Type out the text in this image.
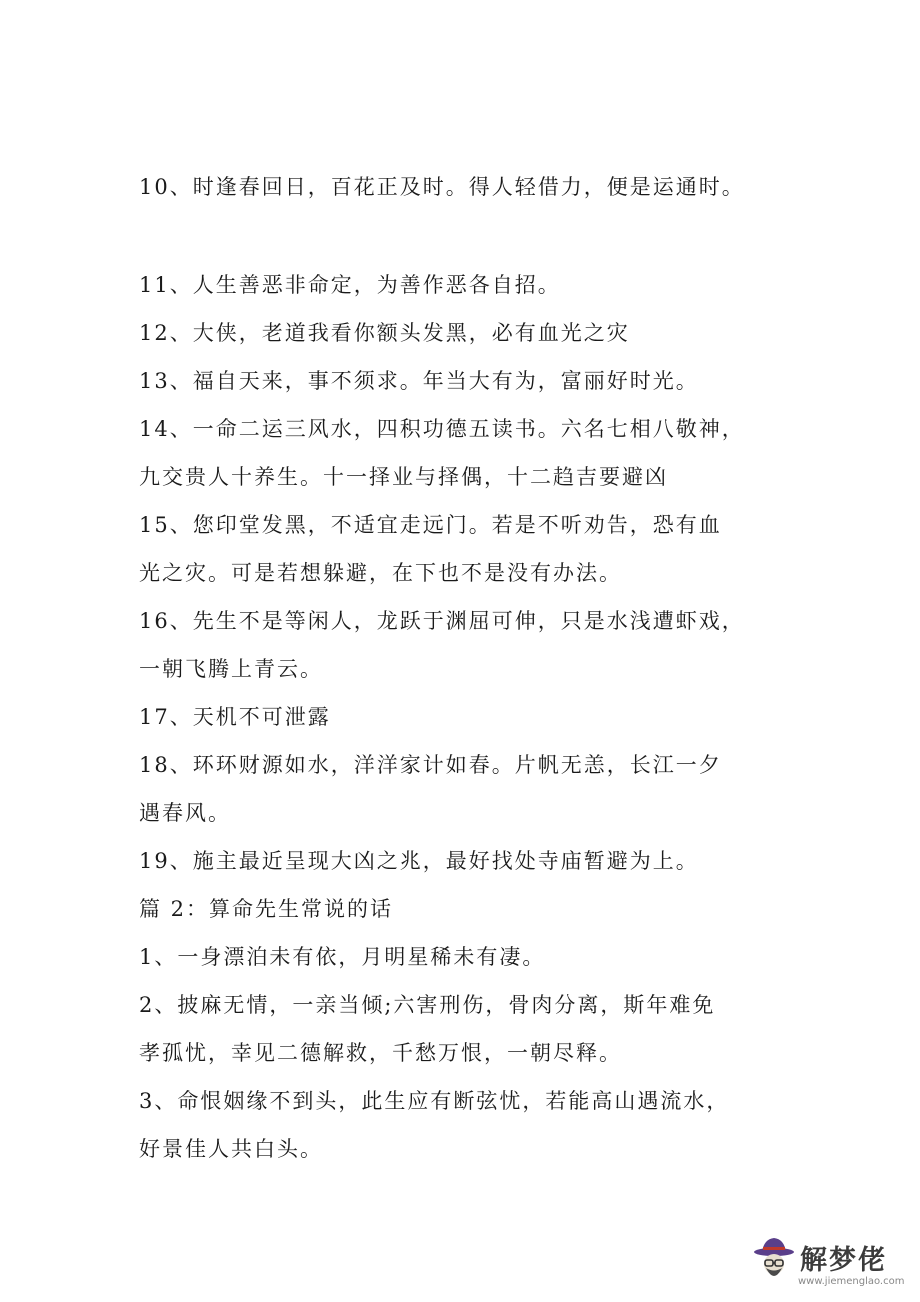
10、时逢春回日，百花正及时。得人轻借力，便是运通时。
11、人生善恶非命定，为善作恶各自招。
12、大侠，老道我看你额头发黑，必有血光之灾
13、福自天来，事不须求。年当大有为，富丽好时光。
14、一命二运三风水，四积功德五读书。六名七相八敬神，
九交贵人十养生。十一择业与择偶，十二趋吉要避凶
15、您印堂发黑，不适宜走远门。若是不听劝告，恐有血
光之灾。可是若想躲避，在下也不是没有办法。
16、先生不是等闲人，龙跃于渊屈可伸，只是水浅遭虾戏，
一朝飞腾上青云。
17、天机不可泄露
18、环环财源如水，洋洋家计如春。片帆无恙，长江一夕
遇春风。
19、施主最近呈现大凶之兆，最好找处寺庙暂避为上。
篇 2：算命先生常说的话
1、一身漂泊未有依，月明星稀未有凄。
2、披麻无情，一亲当倾;六害刑伤，骨肉分离，斯年难免
孝孤忧，幸见二德解救，千愁万恨，一朝尽释。
3、命恨姻缘不到头，此生应有断弦忧，若能高山遇流水，
好景佳人共白头。
解梦佬
www.jiemenglao.com
